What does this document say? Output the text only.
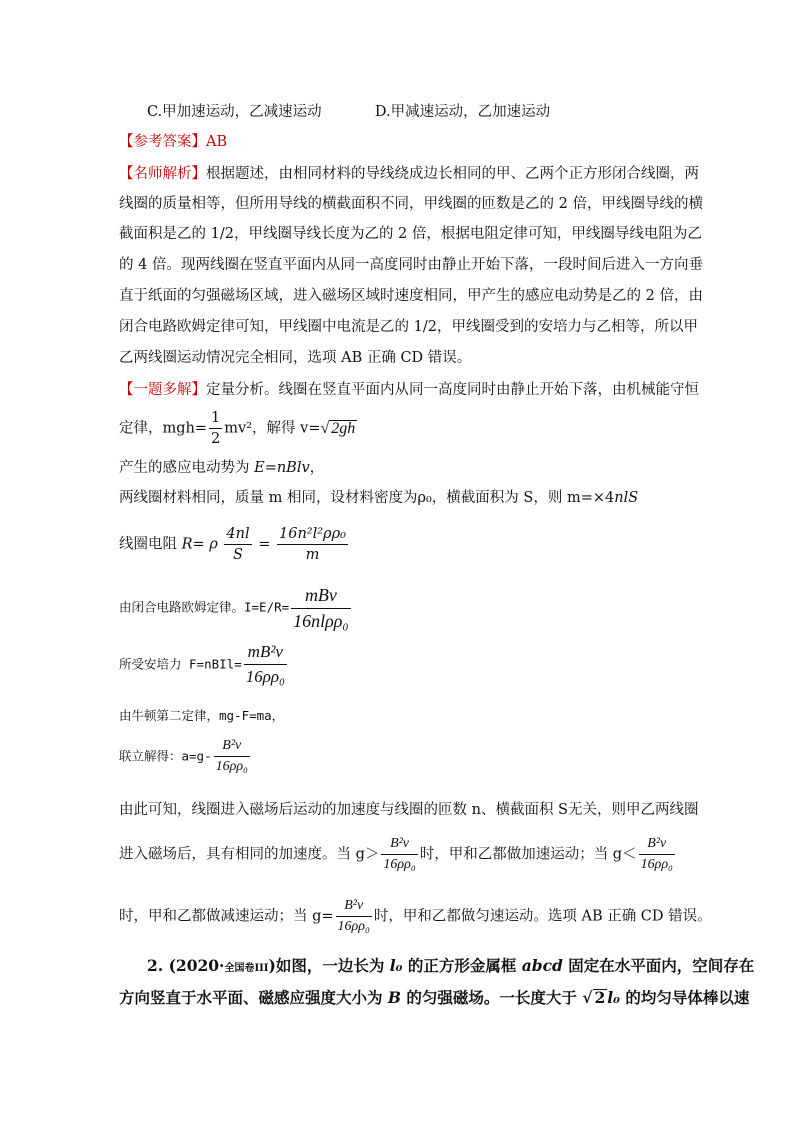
C.甲加速运动，乙减速运动	D.甲减速运动，乙加速运动
【参考答案】AB
【名师解析】根据题述，由相同材料的导线绕成边长相同的甲、乙两个正方形闭合线圈，两
线圈的质量相等，但所用导线的横截面积不同，甲线圈的匝数是乙的 2 倍，甲线圈导线的横
截面积是乙的 1/2，甲线圈导线长度为乙的 2 倍，根据电阻定律可知，甲线圈导线电阻为乙
的 4 倍。现两线圈在竖直平面内从同一高度同时由静止开始下落，一段时间后进入一方向垂
直于纸面的匀强磁场区域，进入磁场区域时速度相同，甲产生的感应电动势是乙的 2 倍，由
闭合电路欧姆定律可知，甲线圈中电流是乙的 1/2，甲线圈受到的安培力与乙相等，所以甲
乙两线圈运动情况完全相同，选项 AB 正确 CD 错误。
【一题多解】定量分析。线圈在竖直平面内从同一高度同时由静止开始下落，由机械能守恒
定律，$mgh= \frac{1}{2} mv^2$，解得 v=√ 2gh
产生的感应电动势为 E=nBlv，
两线圈材料相同，质量 m 相同，设材料密度为ρ₀，横截面积为 S，则 m=×4nlS
线圈电阻 R= ρ $\frac{4nl}{S} = \frac{\text{16n²l²ρρ₀}}{m}$
由闭合电路欧姆定律。$I=E/R= \frac{\text{mBv}}{\text{16nlρρ₀}}$
所受安培力 F=nBIl= $\frac{\text{mB²v}}{\text{16ρρ₀}}$
由牛顿第二定律，mg-F=ma，
联立解得：$a=g- \frac{\text{B²v}}{\text{16ρρ₀}}$
由此可知，线圈进入磁场后运动的加速度与线圈的匝数 n、横截面积 S无关，则甲乙两线圈
进入磁场后，具有相同的加速度。当 $g> \frac{\text{B²v}}{\text{16ρρ₀}}$ 时，甲和乙都做加速运动；当 $g< \frac{\text{B²v}}{\text{16ρρ₀}}$
时，甲和乙都做减速运动；当 $g= \frac{\text{B²v}}{\text{16ρρ₀}}$ 时，甲和乙都做匀速运动。选项 AB 正确 CD 错误。
2. (2020·全国卷III)如图，一边长为 l₀ 的正方形金属框 abcd 固定在水平面内，空间存在
方向竖直于水平面、磁感应强度大小为 B 的匀强磁场。一长度大于 √ 2 l₀ 的均匀导体棒以速
